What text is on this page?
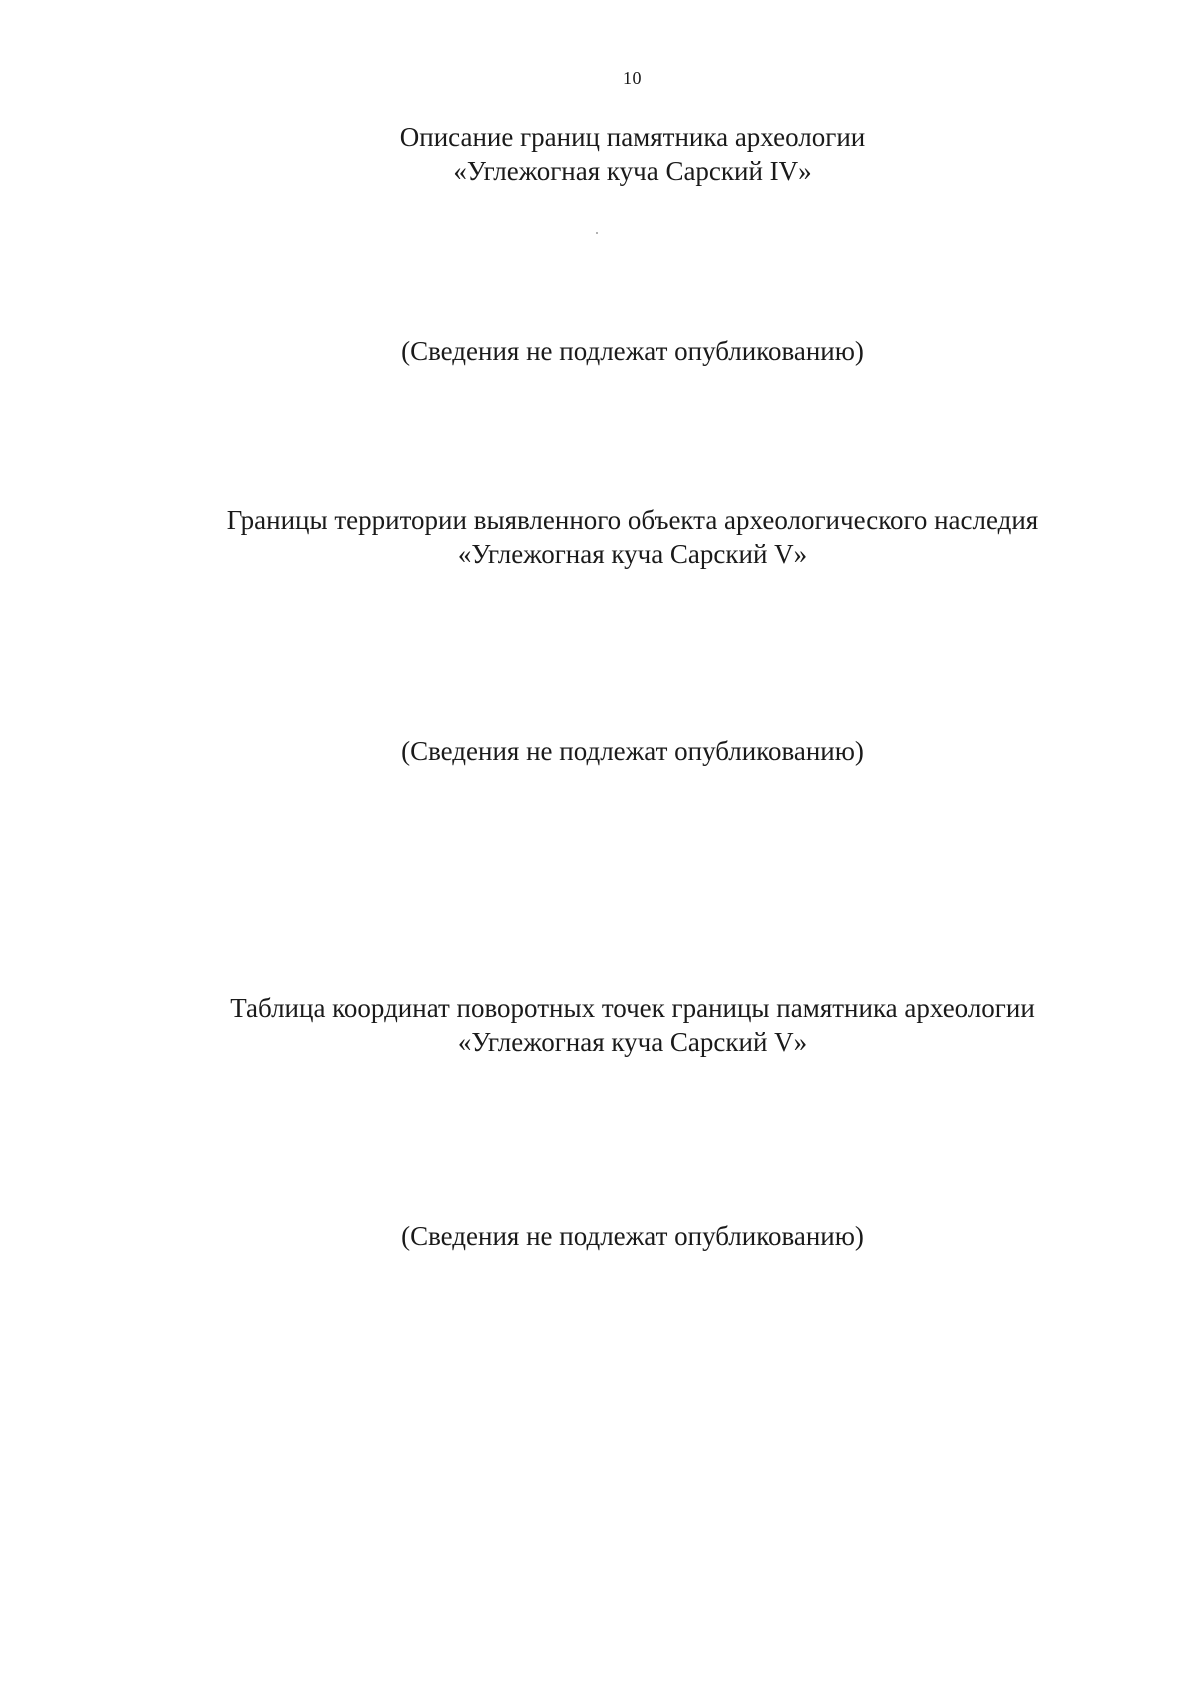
10
Описание границ памятника археологии
«Углежогная куча Сарский IV»
(Сведения не подлежат опубликованию)
Границы территории выявленного объекта археологического наследия
«Углежогная куча Сарский V»
(Сведения не подлежат опубликованию)
Таблица координат поворотных точек границы памятника археологии
«Углежогная куча Сарский V»
(Сведения не подлежат опубликованию)
